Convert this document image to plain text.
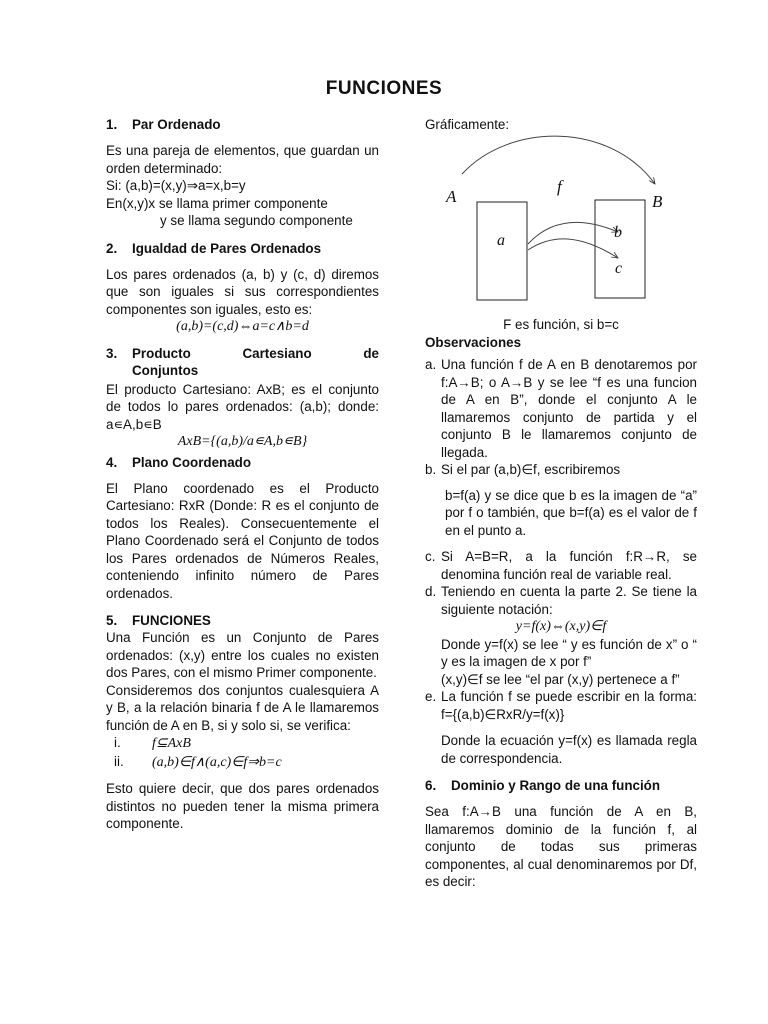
FUNCIONES
1. Par Ordenado

Es una pareja de elementos, que guardan un orden determinado:

Si: (a,b)=(x,y)⇒a=x,b=y

En(x,y)x se llama primer componente

y se llama segundo componente

2. Igualdad de Pares Ordenados

Los pares ordenados (a, b) y (c, d) diremos que son iguales si sus correspondientes componentes son iguales, esto es:

(a,b)=(c,d)⇔a=c∧b=d

3.	Producto	Cartesiano	de
Conjuntos

El producto Cartesiano: AxB; es el conjunto de todos lo pares ordenados: (a,b); donde: a∊A,b∊B

AxB={(a,b)/a∊A,b∊B}

4. Plano Coordenado

El Plano coordenado es el Producto Cartesiano: RxR (Donde: R es el conjunto de todos los Reales). Consecuentemente el Plano Coordenado será el Conjunto de todos los Pares ordenados de Números Reales, conteniendo infinito número de Pares ordenados.

5. FUNCIONES

Una Función es un Conjunto de Pares ordenados: (x,y) entre los cuales no existen dos Pares, con el mismo Primer componente.

Consideremos dos conjuntos cualesquiera A y B, a la relación binaria f de A le llamaremos función de A en B, si y solo si, se verifica:

i. f⊆AxB

ii. (a,b)∈f∧(a,c)∈f⇒b=c

Esto quiere decir, que dos pares ordenados distintos no pueden tener la misma primera componente.

Gráficamente:

A	B
f
a	b
c
F es función, si b=c
Observaciones

a. Una función f de A en B denotaremos por f:A→B; o A→B y se lee “f es una funcion de A en B”, donde el conjunto A le llamaremos conjunto de partida y el conjunto B le llamaremos conjunto de llegada.

b. Si el par (a,b)∈f, escribiremos

b=f(a) y se dice que b es la imagen de “a” por f o también, que b=f(a) es el valor de f en el punto a.

c. Si A=B=R, a la función f:R→R, se denomina función real de variable real.

d. Teniendo en cuenta la parte 2. Se tiene la siguiente notación:

y=f(x)⇔(x,y)∈f

Donde y=f(x) se lee “ y es función de x” o “ y es la imagen de x por f”

(x,y)∈f se lee “el par (x,y) pertenece a f”

e. La función f se puede escribir en la forma: f={(a,b)∈RxR/y=f(x)}

Donde la ecuación y=f(x) es llamada regla de correspondencia.

6. Dominio y Rango de una función

Sea f:A→B una función de A en B, llamaremos dominio de la función f, al conjunto de todas sus primeras componentes, al cual denominaremos por Df, es decir:
